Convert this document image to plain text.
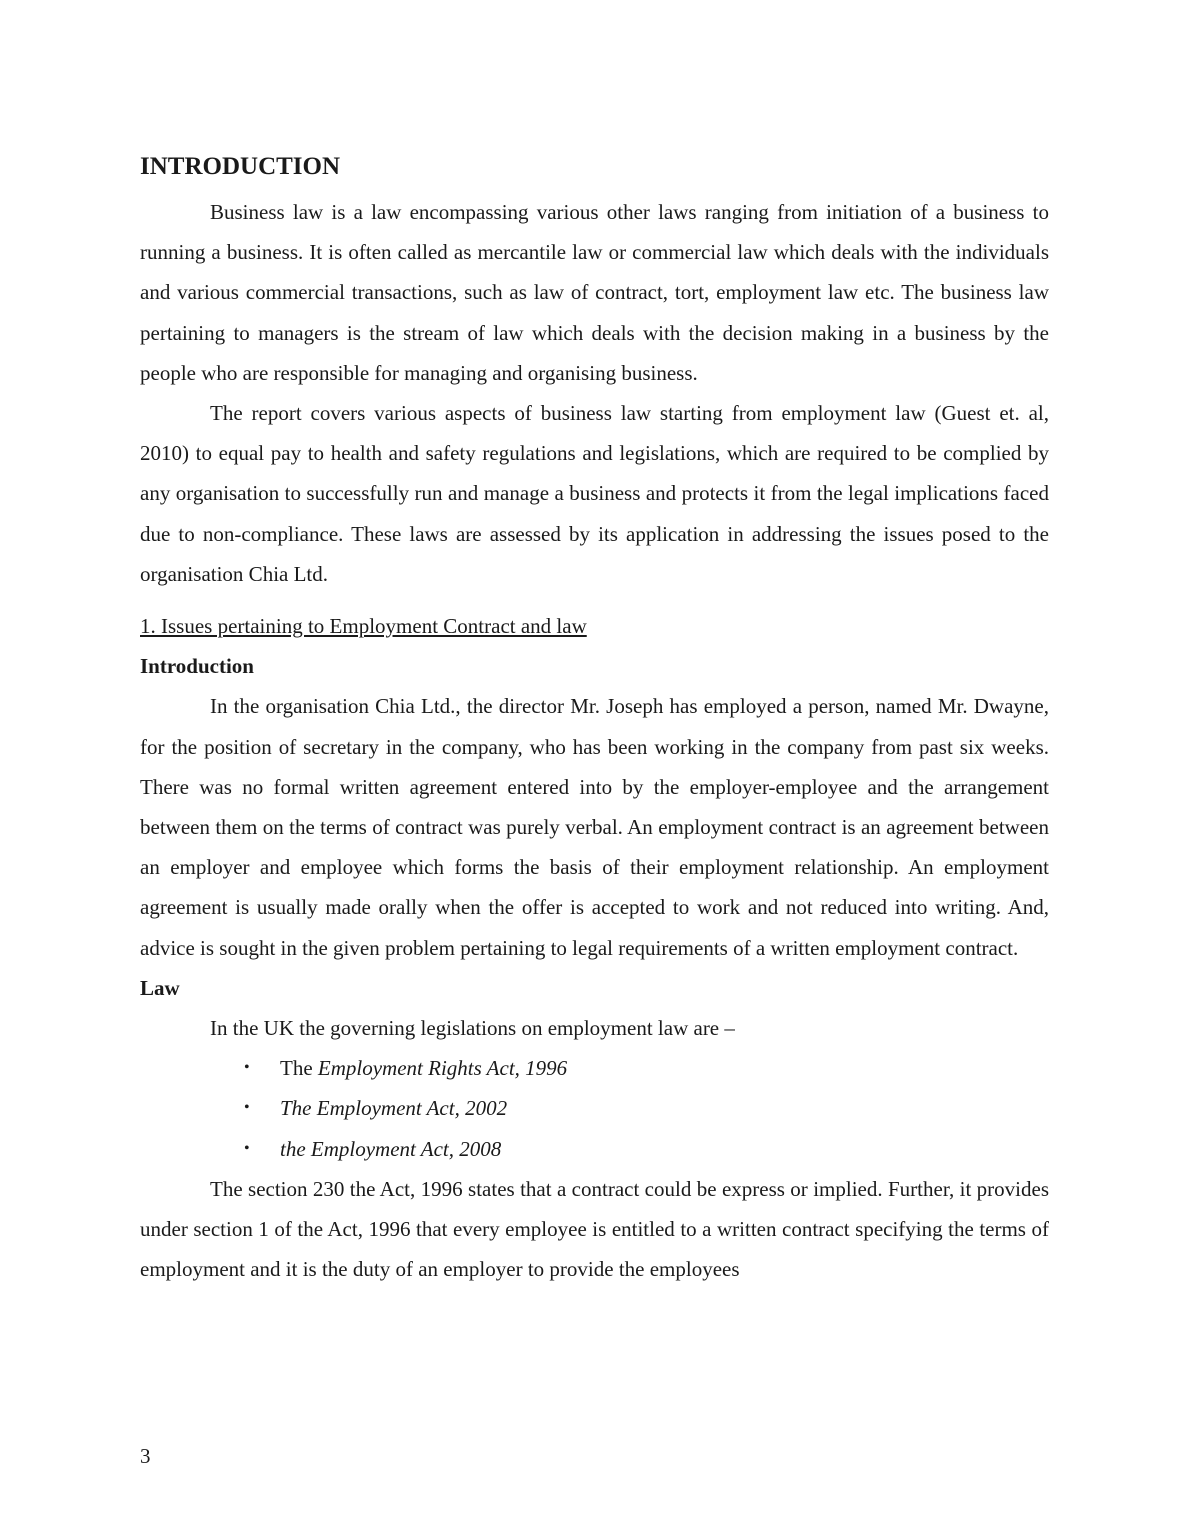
INTRODUCTION

Business law is a law encompassing various other laws ranging from initiation of a business to running a business. It is often called as mercantile law or commercial law which deals with the individuals and various commercial transactions, such as law of contract, tort, employment law etc. The business law pertaining to managers is the stream of law which deals with the decision making in a business by the people who are responsible for managing and organising business.

The report covers various aspects of business law starting from employment law (Guest et. al, 2010) to equal pay to health and safety regulations and legislations, which are required to be complied by any organisation to successfully run and manage a business and protects it from the legal implications faced due to non-compliance. These laws are assessed by its application in addressing the issues posed to the organisation Chia Ltd.

1. Issues pertaining to Employment Contract and law
Introduction

In the organisation Chia Ltd., the director Mr. Joseph has employed a person, named Mr. Dwayne, for the position of secretary in the company, who has been working in the company from past six weeks. There was no formal written agreement entered into by the employer-employee and the arrangement between them on the terms of contract was purely verbal. An employment contract is an agreement between an employer and employee which forms the basis of their employment relationship. An employment agreement is usually made orally when the offer is accepted to work and not reduced into writing. And, advice is sought in the given problem pertaining to legal requirements of a written employment contract.

Law

In the UK the governing legislations on employment law are –

• The Employment Rights Act, 1996
• The Employment Act, 2002
• the Employment Act, 2008

The section 230 the Act, 1996 states that a contract could be express or implied. Further, it provides under section 1 of the Act, 1996 that every employee is entitled to a written contract specifying the terms of employment and it is the duty of an employer to provide the employees

3
